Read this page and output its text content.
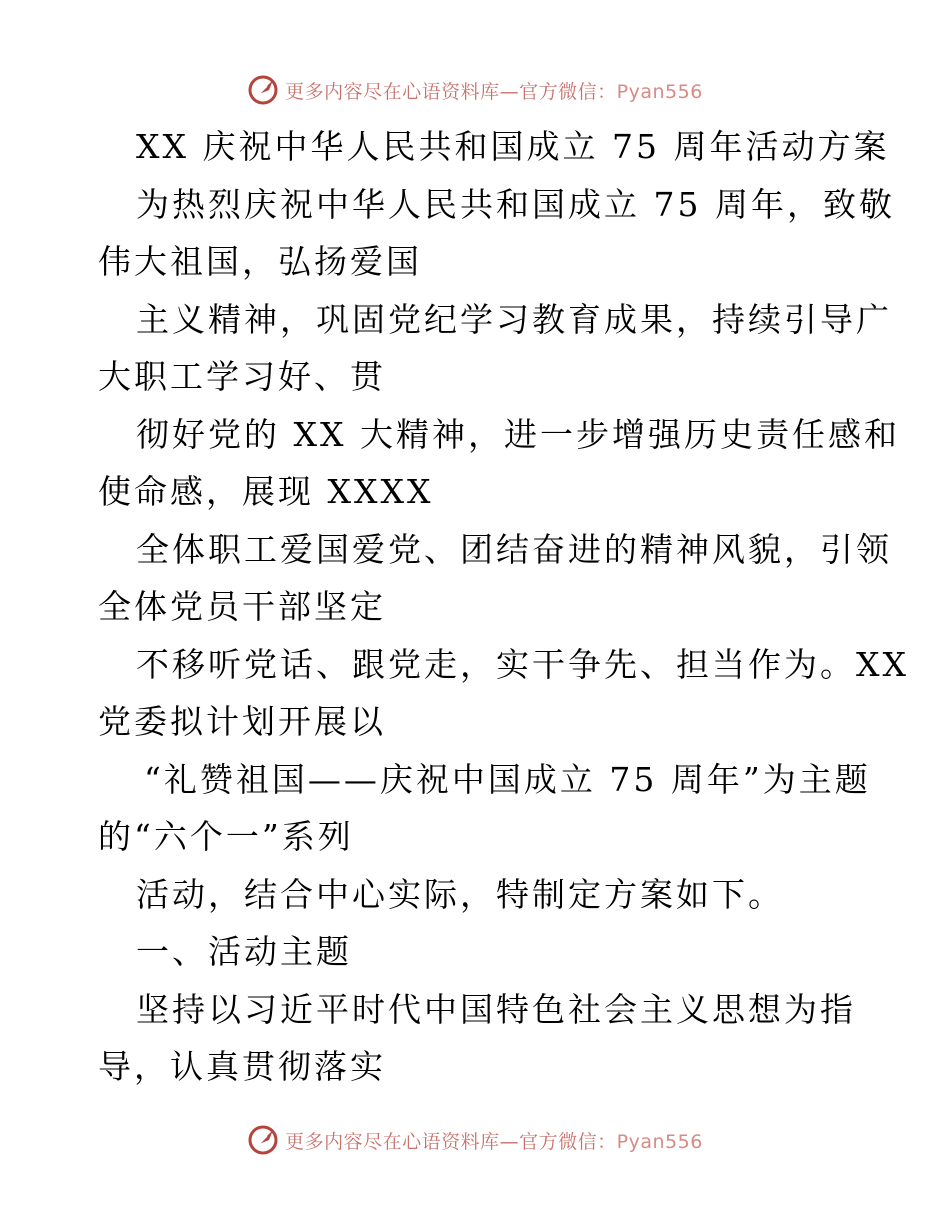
更多内容尽在心语资料库—官方微信：Pyan556
XX 庆祝中华人民共和国成立 75 周年活动方案
为热烈庆祝中华人民共和国成立 75 周年，致敬
伟大祖国，弘扬爱国
主义精神，巩固党纪学习教育成果，持续引导广
大职工学习好、贯
彻好党的 XX 大精神，进一步增强历史责任感和
使命感，展现 XXXX
全体职工爱国爱党、团结奋进的精神风貌，引领
全体党员干部坚定
不移听党话、跟党走，实干争先、担当作为。XX
党委拟计划开展以
“礼赞祖国——庆祝中国成立 75 周年”为主题
的“六个一”系列
活动，结合中心实际，特制定方案如下。
一、活动主题
坚持以习近平时代中国特色社会主义思想为指
导，认真贯彻落实
更多内容尽在心语资料库—官方微信：Pyan556
